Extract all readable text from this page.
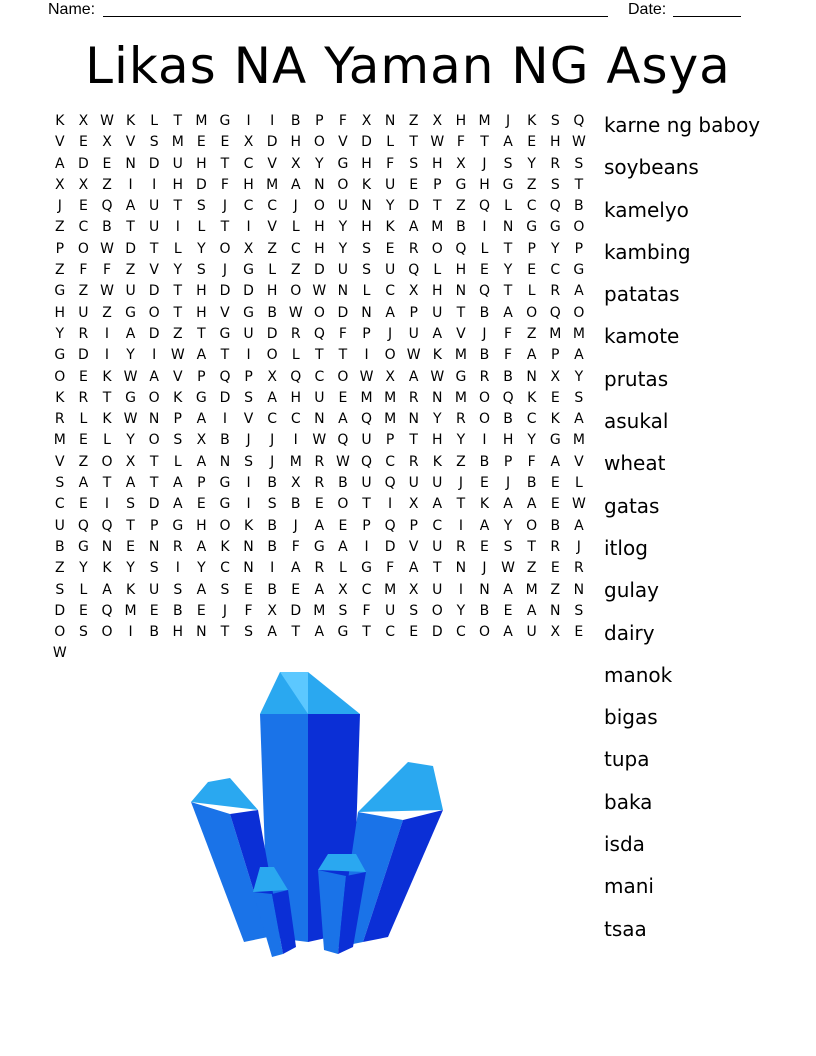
Name:	Date:
Likas NA Yaman NG Asya
K	X W K	L	T M G	I	I	B	P	F	X N Z	X H M	J	K	S Q
V	E	X	V	S M E	E	X D H O V D	L	T W F	T	A	E H W
A D E N D U H	T	C V	X	Y G H	F	S H X	J	S	Y	R	S
X	X	Z	I	I	H D	F	H M A N O K U	E	P G H G Z	S	T
J	E Q A U	T	S	J	C C	J	O U N	Y D T	Z Q	L	C Q B
Z C B	T	U	I	L	T	I	V	L	H	Y	H K	A M B	I	N G G O
P O W D T	L	Y O X	Z C H	Y	S	E	R O Q	L	T	P	Y	P
Z	F	F	Z	V	Y	S	J	G	L	Z D U	S	U Q	L	H E	Y	E	C G
G Z W U D T	H D D H O W N	L	C X H N Q T	L	R A
H U Z G O T	H V G B W O D N A	P	U	T	B	A O Q O
Y	R	I	A D Z	T G U D R Q	F	P	J	U A	V	J	F	Z M M
G D	I	Y	I	W A	T	I	O	L	T	T	I	O W K M B	F	A	P	A
O E	K W A	V	P Q P	X Q C O W X	A W G R B N X	Y
K	R	T G O K G D S	A H U	E M M R N M O Q K	E	S
R	L	K W N	P	A	I	V C C N A Q M N	Y	R O B C	K	A
M E	L	Y O S	X B	J	J	I	W Q U	P	T	H	Y	I	H	Y G M
V	Z O X	T	L	A N S	J	M R W Q C R	K	Z B	P	F	A	V
S	A	T	A	T	A	P G	I	B	X R B U Q U U	J	E	J	B	E	L
C	E	I	S D A	E G	I	S	B	E O T	I	X	A	T	K	A	A	E W
U Q Q T	P G H O K	B	J	A	E	P Q P	C	I	A	Y O B	A
B G N E N R A	K N B	F	G A	I	D V U R	E	S	T	R	J
Z	Y	K	Y	S	I	Y	C N	I	A R	L	G	F	A	T	N	J	W Z	E	R
S	L	A	K U	S	A	S	E	B	E	A	X C M X U	I	N A M Z N
D E Q M E	B	E	J	F	X D M S	F	U	S O Y	B	E	A N S
O S O	I	B H N	T	S	A	T	A G T	C	E D C O A U X	E
W
karne ng baboy
soybeans
kamelyo
kambing
patatas
kamote
prutas
asukal
wheat
gatas
itlog
gulay
dairy
manok
bigas
tupa
baka
isda
mani
tsaa
